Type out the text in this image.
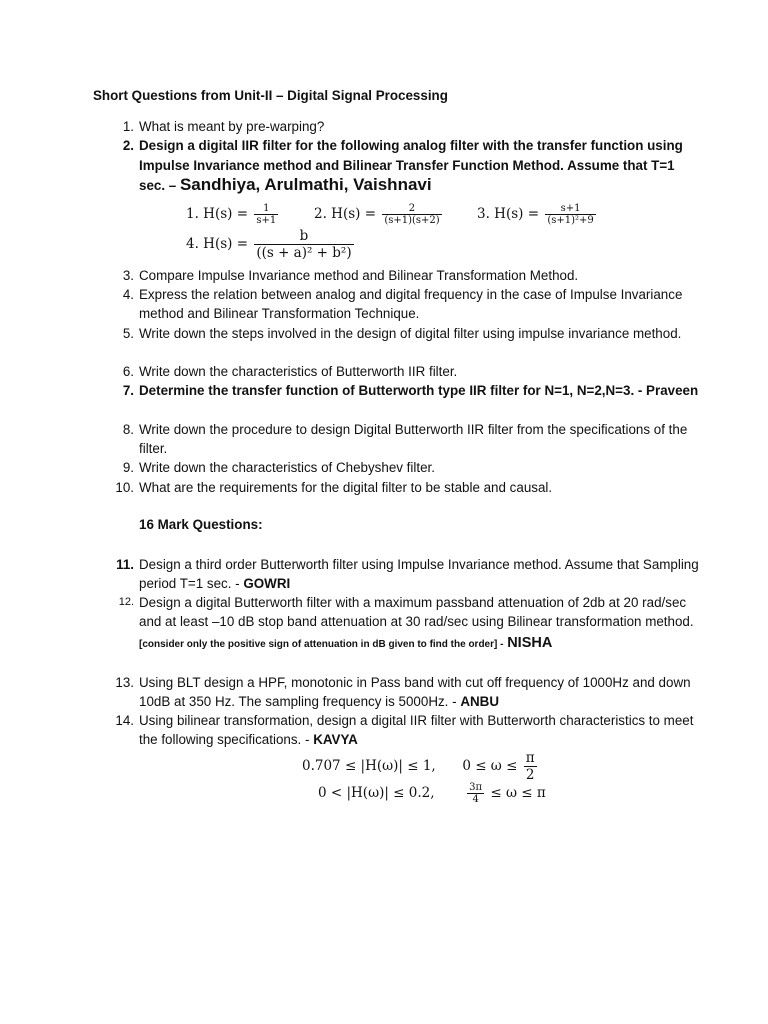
Short Questions from Unit-II – Digital Signal Processing
1. What is meant by pre-warping?
2. Design a digital IIR filter for the following analog filter with the transfer function using Impulse Invariance method and Bilinear Transfer Function Method. Assume that T=1 sec. – Sandhiya, Arulmathi, Vaishnavi
1. $H(s) = \frac{1}{s+1}$	2. $H(s) = \frac{2}{(s+1)(s+2)}$	3. $H(s) = \frac{s+1}{\text{(s+1)²+9}}$
4. $H(s) = \frac{b}{\text{((s + a)² + b²)}}$
3. Compare Impulse Invariance method and Bilinear Transformation Method.
4. Express the relation between analog and digital frequency in the case of Impulse Invariance method and Bilinear Transformation Technique.
5. Write down the steps involved in the design of digital filter using impulse invariance method.
6. Write down the characteristics of Butterworth IIR filter.
7. Determine the transfer function of Butterworth type IIR filter for N=1, N=2,N=3. - Praveen
8. Write down the procedure to design Digital Butterworth IIR filter from the specifications of the filter.
9. Write down the characteristics of Chebyshev filter.
10. What are the requirements for the digital filter to be stable and causal.
16 Mark Questions:
11. Design a third order Butterworth filter using Impulse Invariance method. Assume that Sampling period T=1 sec. - GOWRI
12. Design a digital Butterworth filter with a maximum passband attenuation of 2db at 20 rad/sec and at least –10 dB stop band attenuation at 30 rad/sec using Bilinear transformation method. [consider only the positive sign of attenuation in dB given to find the order] - NISHA
13. Using BLT design a HPF, monotonic in Pass band with cut off frequency of 1000Hz and down 10dB at 350 Hz. The sampling frequency is 5000Hz. - ANBU
14. Using bilinear transformation, design a digital IIR filter with Butterworth characteristics to meet the following specifications. - KAVYA
0.707 ≤ |H(ω)| ≤ 1, $0 \le \omega \le \frac{\pi}{2}$
0 < |H(ω)| ≤ 0.2,	$\frac{3\pi}{4} \le \omega \le \pi$
